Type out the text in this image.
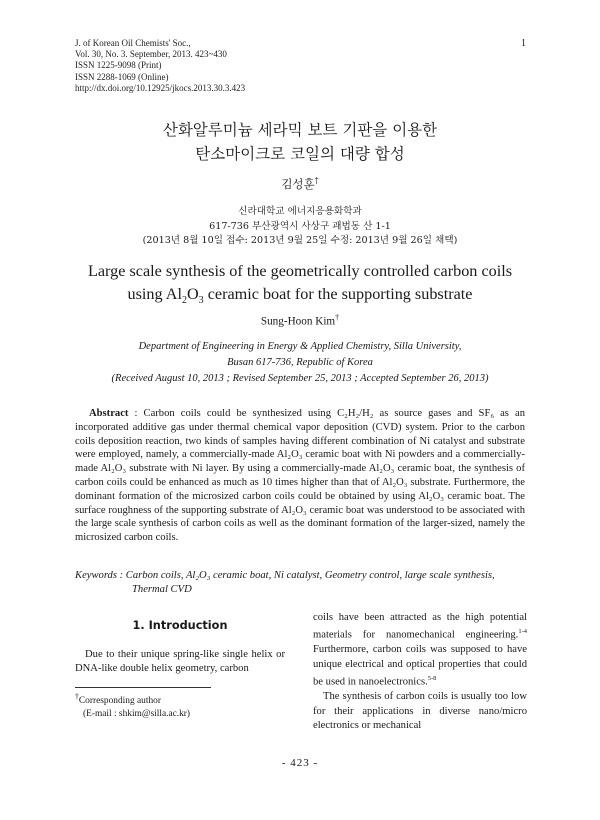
J. of Korean Oil Chemists' Soc.,
Vol. 30, No. 3. September, 2013. 423~430
ISSN 1225-9098 (Print)
ISSN 2288-1069 (Online)
http://dx.doi.org/10.12925/jkocs.2013.30.3.423
1
산화알루미늄 세라믹 보트 기판을 이용한
탄소마이크로 코일의 대량 합성
김성훈†
신라대학교 에너지응용화학과
617-736 부산광역시 사상구 괘법동 산 1-1
(2013년 8월 10일 접수: 2013년 9월 25일 수정: 2013년 9월 26일 채택)
Large scale synthesis of the geometrically controlled carbon coils
using $Al_2O_3$ ceramic boat for the supporting substrate
Sung-Hoon Kim†
Department of Engineering in Energy & Applied Chemistry, Silla University,
Busan 617-736, Republic of Korea
(Received August 10, 2013 ; Revised September 25, 2013 ; Accepted September 26, 2013)
Abstract : Carbon coils could be synthesized using C₂H₂/H₂ as source gases and SF₆ as an incorporated additive gas under thermal chemical vapor deposition (CVD) system. Prior to the carbon coils deposition reaction, two kinds of samples having different combination of Ni catalyst and substrate were employed, namely, a commercially-made Al₂O₃ ceramic boat with Ni powders and a commercially-made Al₂O₃ substrate with Ni layer. By using a commercially-made Al₂O₃ ceramic boat, the synthesis of carbon coils could be enhanced as much as 10 times higher than that of Al₂O₃ substrate. Furthermore, the dominant formation of the microsized carbon coils could be obtained by using Al₂O₃ ceramic boat. The surface roughness of the supporting substrate of Al₂O₃ ceramic boat was understood to be associated with the large scale synthesis of carbon coils as well as the dominant formation of the larger-sized, namely the microsized carbon coils.
Keywords : Carbon coils, Al₂O₃ ceramic boat, Ni catalyst, Geometry control, large scale synthesis,
Thermal CVD
1. Introduction

Due to their unique spring-like single helix or DNA-like double helix geometry, carbon

†Corresponding author
(E-mail : shkim@silla.ac.kr)

coils have been attracted as the high potential materials for nanomechanical engineering.$^{1-4}$ Furthermore, carbon coils was supposed to have unique electrical and optical properties that could be used in nanoelectronics.$^{5-8}$

The synthesis of carbon coils is usually too low for their applications in diverse nano/micro electronics or mechanical

- 423 -
